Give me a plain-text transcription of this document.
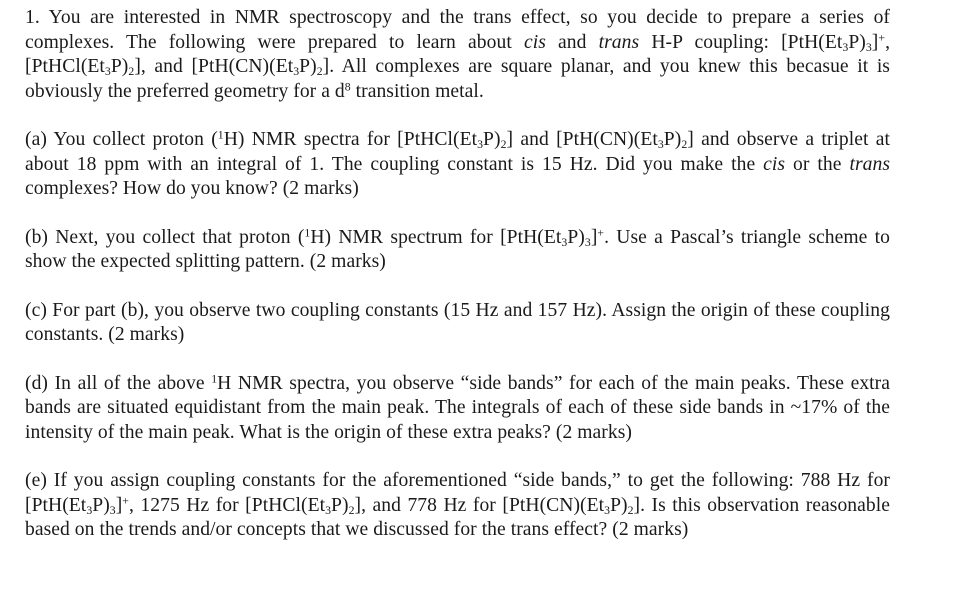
1. You are interested in NMR spectroscopy and the trans effect, so you decide to prepare a series of complexes. The following were prepared to learn about cis and trans H-P coupling: $[PtH(Et_3P)_3]^+$, $[PtHCl(Et_3P)_2]$, and $[PtH(CN)(Et_3P)_2]$. All complexes are square planar, and you knew this becasue it is obviously the preferred geometry for a $d^8$ transition metal.

(a) You collect proton ($^1$H) NMR spectra for $[PtHCl(Et_3P)_2]$ and $[PtH(CN)(Et_3P)_2]$ and observe a triplet at about 18 ppm with an integral of 1. The coupling constant is 15 Hz. Did you make the cis or the trans complexes? How do you know? (2 marks)

(b) Next, you collect that proton ($^1$H) NMR spectrum for $[PtH(Et_3P)_3]^+$. Use a Pascal’s triangle scheme to show the expected splitting pattern. (2 marks)

(c) For part (b), you observe two coupling constants (15 Hz and 157 Hz). Assign the origin of these coupling constants. (2 marks)

(d) In all of the above $^1$H NMR spectra, you observe “side bands” for each of the main peaks. These extra bands are situated equidistant from the main peak. The integrals of each of these side bands in ~17% of the intensity of the main peak. What is the origin of these extra peaks? (2 marks)

(e) If you assign coupling constants for the aforementioned “side bands,” to get the following: 788 Hz for $[PtH(Et_3P)_3]^+$, 1275 Hz for $[PtHCl(Et_3P)_2]$, and 778 Hz for $[PtH(CN)(Et_3P)_2]$. Is this observation reasonable based on the trends and/or concepts that we discussed for the trans effect? (2 marks)
